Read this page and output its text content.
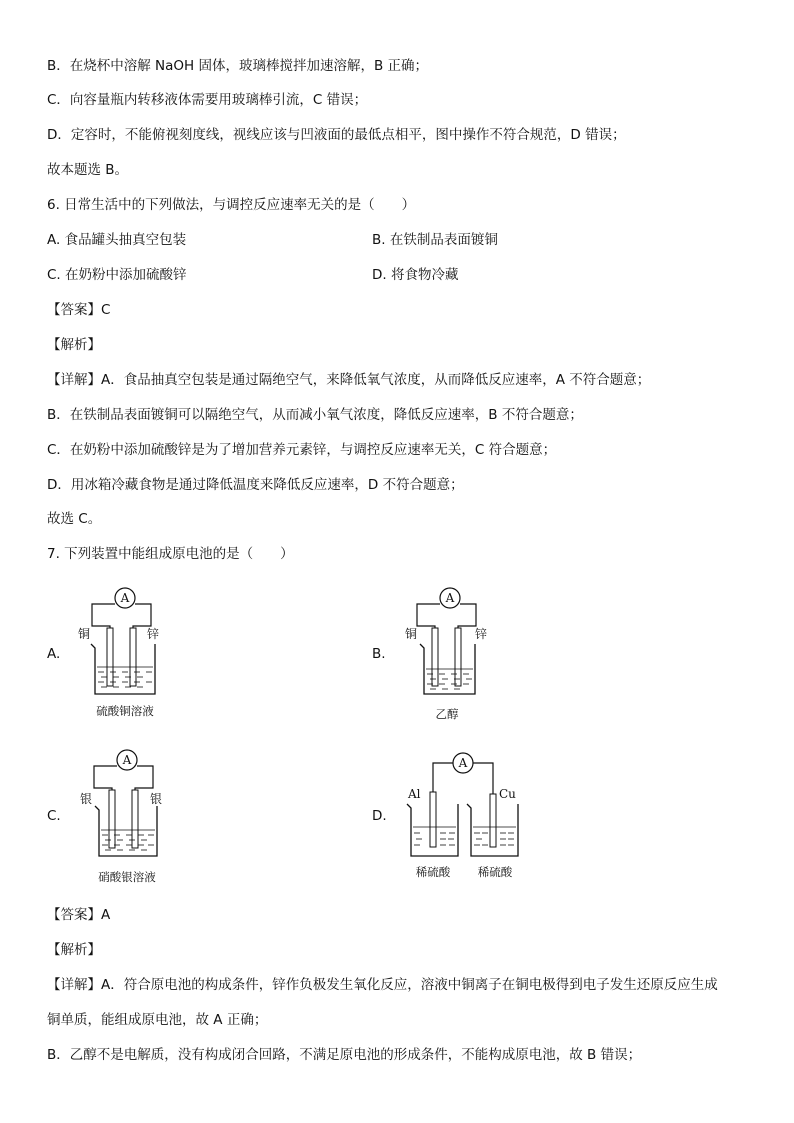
B．在烧杯中溶解 NaOH 固体，玻璃棒搅拌加速溶解，B 正确；
C．向容量瓶内转移液体需要用玻璃棒引流，C 错误；
D．定容时，不能俯视刻度线，视线应该与凹液面的最低点相平，图中操作不符合规范，D 错误；
故本题选 B。
6. 日常生活中的下列做法，与调控反应速率无关的是（　　）
A. 食品罐头抽真空包装	B. 在铁制品表面镀铜
C. 在奶粉中添加硫酸锌	D. 将食物冷藏
【答案】C
【解析】
【详解】A．食品抽真空包装是通过隔绝空气，来降低氧气浓度，从而降低反应速率，A 不符合题意；
B．在铁制品表面镀铜可以隔绝空气，从而减小氧气浓度，降低反应速率，B 不符合题意；
C．在奶粉中添加硫酸锌是为了增加营养元素锌，与调控反应速率无关，C 符合题意；
D．用冰箱冷藏食物是通过降低温度来降低反应速率，D 不符合题意；
故选 C。
7. 下列装置中能组成原电池的是（　　）
A.
A
铜	锌
硫酸铜溶液
B.
A
铜	锌
乙醇
C.
A
银	银
硝酸银溶液
D.
A
Al	Cu
稀硫酸 稀硫酸
【答案】A
【解析】
【详解】A．符合原电池的构成条件，锌作负极发生氧化反应，溶液中铜离子在铜电极得到电子发生还原反应生成
铜单质，能组成原电池，故 A 正确；
B．乙醇不是电解质，没有构成闭合回路，不满足原电池的形成条件，不能构成原电池，故 B 错误；
